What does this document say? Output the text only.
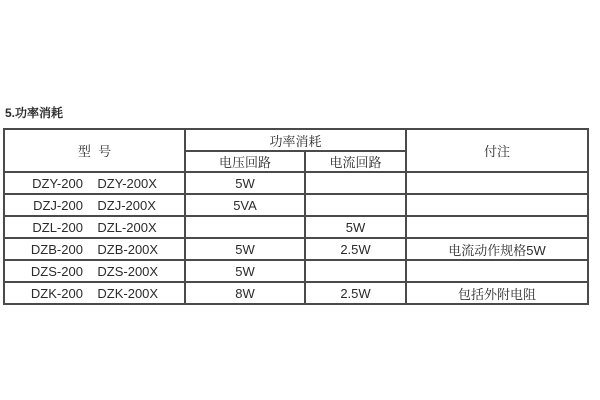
5.功率消耗
型  号	功率消耗		付注
	电压回路	电流回路	
DZY-200    DZY-200X	5W		
DZJ-200    DZJ-200X	5VA		
DZL-200    DZL-200X		5W	
DZB-200    DZB-200X	5W	2.5W	电流动作规格5W
DZS-200    DZS-200X	5W		
DZK-200    DZK-200X	8W	2.5W	包括外附电阻
